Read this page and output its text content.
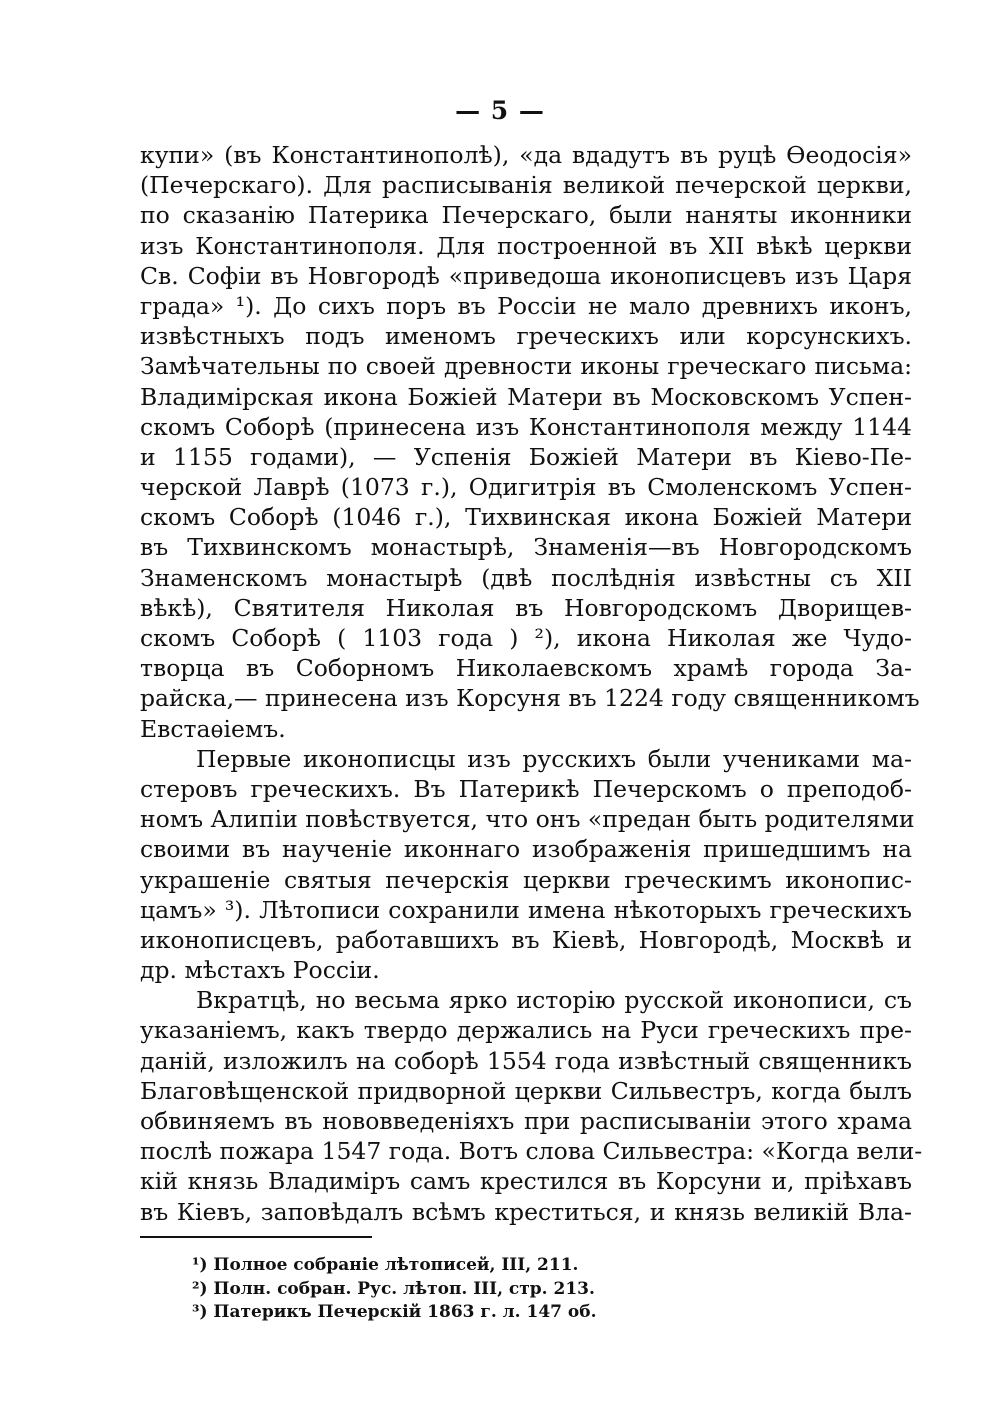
— 5 —
купи» (въ Константинополѣ), «да вдадутъ въ руцѣ Ѳеодосія»
(Печерскаго). Для расписыванія великой печерской церкви,
по сказанію Патерика Печерскаго, были наняты иконники
изъ Константинополя. Для построенной въ XII вѣкѣ церкви
Св. Софіи въ Новгородѣ «приведоша иконописцевъ изъ Царя
града» ¹). До сихъ поръ въ Россіи не мало древнихъ иконъ,
извѣстныхъ подъ именомъ греческихъ или корсунскихъ.
Замѣчательны по своей древности иконы греческаго письма:
Владимірская икона Божіей Матери въ Московскомъ Успен-
скомъ Соборѣ (принесена изъ Константинополя между 1144
и 1155 годами), — Успенія Божіей Матери въ Кіево-Пе-
черской Лаврѣ (1073 г.), Одигитрія въ Смоленскомъ Успен-
скомъ Соборѣ (1046 г.), Тихвинская икона Божіей Матери
въ Тихвинскомъ монастырѣ, Знаменія—въ Новгородскомъ
Знаменскомъ монастырѣ (двѣ послѣднія извѣстны съ XII
вѣкѣ), Святителя Николая въ Новгородскомъ Дворищев-
скомъ Соборѣ ( 1103 года ) ²), икона Николая же Чудо-
творца въ Соборномъ Николаевскомъ храмѣ города За-
райска,— принесена изъ Корсуня въ 1224 году священникомъ
Евстаѳіемъ.
Первые иконописцы изъ русскихъ были учениками ма-
стеровъ греческихъ. Въ Патерикѣ Печерскомъ о преподоб-
номъ Алипіи повѣствуется, что онъ «предан быть родителями
своими въ наученіе иконнаго изображенія пришедшимъ на
украшеніе святыя печерскія церкви греческимъ иконопис-
цамъ» ³). Лѣтописи сохранили имена нѣкоторыхъ греческихъ
иконописцевъ, работавшихъ въ Кіевѣ, Новгородѣ, Москвѣ и
др. мѣстахъ Россіи.
Вкратцѣ, но весьма ярко исторію русской иконописи, съ
указаніемъ, какъ твердо держались на Руси греческихъ пре-
даній, изложилъ на соборѣ 1554 года извѣстный священникъ
Благовѣщенской придворной церкви Сильвестръ, когда былъ
обвиняемъ въ нововведеніяхъ при расписываніи этого храма
послѣ пожара 1547 года. Вотъ слова Сильвестра: «Когда вели-
кій князь Владиміръ самъ крестился въ Корсуни и, пріѣхавъ
въ Кіевъ, заповѣдалъ всѣмъ креститься, и князь великій Вла-
¹) Полное собраніе лѣтописей, III, 211.
²) Полн. собран. Рус. лѣтоп. III, стр. 213.
³) Патерикъ Печерскій 1863 г. л. 147 об.
